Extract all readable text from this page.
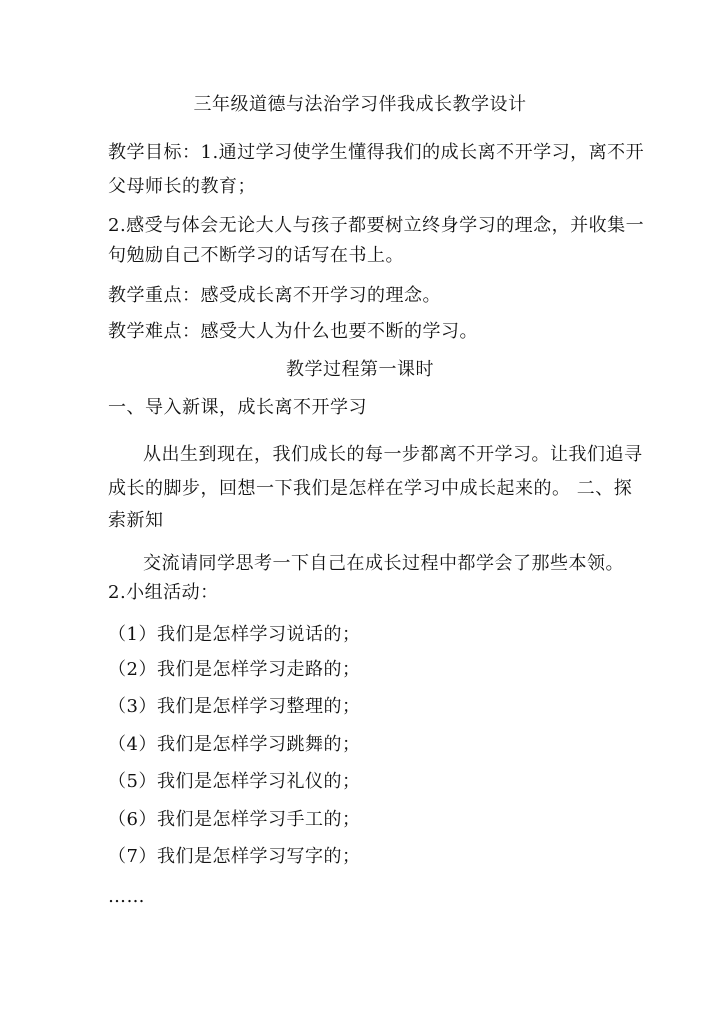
三年级道德与法治学习伴我成长教学设计
教学目标：1.通过学习使学生懂得我们的成长离不开学习，离不开
父母师长的教育；
2.感受与体会无论大人与孩子都要树立终身学习的理念，并收集一
句勉励自己不断学习的话写在书上。
教学重点：感受成长离不开学习的理念。
教学难点：感受大人为什么也要不断的学习。
教学过程第一课时
一、导入新课，成长离不开学习
从出生到现在，我们成长的每一步都离不开学习。让我们追寻
成长的脚步，回想一下我们是怎样在学习中成长起来的。 二、探
索新知
交流请同学思考一下自己在成长过程中都学会了那些本领。
2.小组活动：
（1）我们是怎样学习说话的；
（2）我们是怎样学习走路的；
（3）我们是怎样学习整理的；
（4）我们是怎样学习跳舞的；
（5）我们是怎样学习礼仪的；
（6）我们是怎样学习手工的；
（7）我们是怎样学习写字的；
……
